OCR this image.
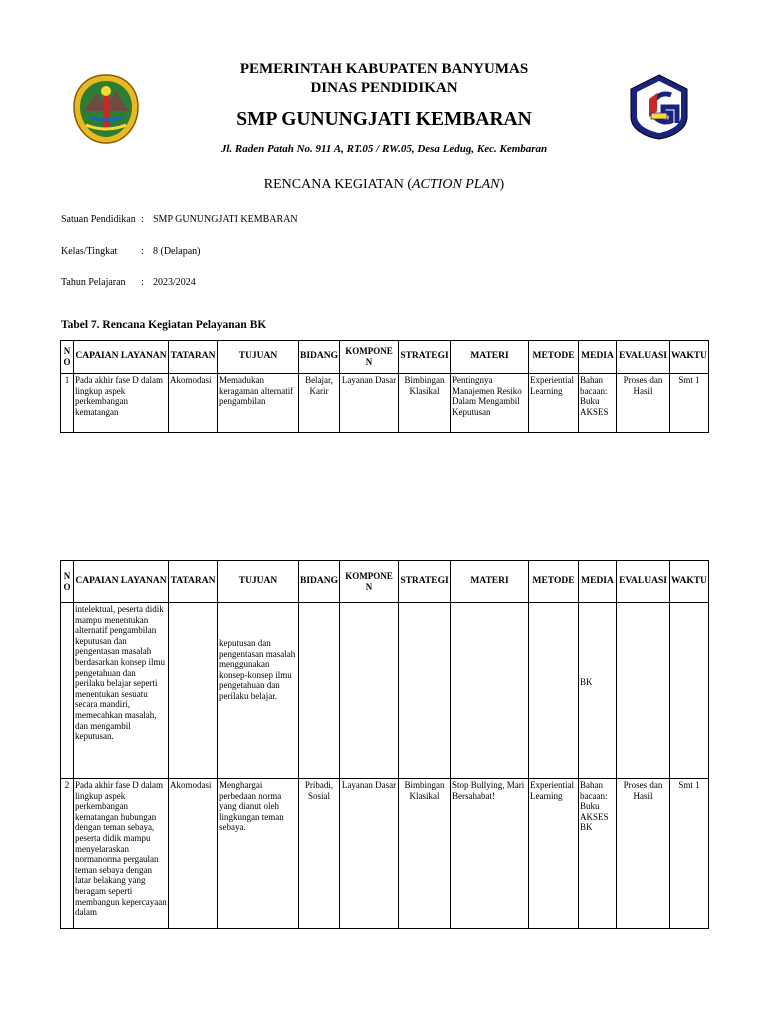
PEMERINTAH KABUPATEN BANYUMAS
DINAS PENDIDIKAN
SMP GUNUNGJATI KEMBARAN
Jl. Raden Patah No. 911 A, RT.05 / RW.05, Desa Ledug, Kec. Kembaran
RENCANA KEGIATAN (ACTION PLAN)
Satuan Pendidikan : SMP GUNUNGJATI KEMBARAN
Kelas/Tingkat : 8 (Delapan)
Tahun Pelajaran : 2023/2024
Tabel 7. Rencana Kegiatan Pelayanan BK
N O	CAPAIAN LAYANAN	TATARAN	TUJUAN	BIDANG	KOMPONE N	STRATEGI	MATERI	METODE	MEDIA	EVALUASI	WAKTU
1	Pada akhir fase D dalam lingkup aspek perkembangan kematangan	Akomodasi	Memadukan keragaman alternatif pengambilan	Belajar, Karir	Layanan Dasar	Bimbingan Klasikal	Pentingnya Manajemen Resiko Dalam Mengambil Keputusan	Experiential Learning	Bahan bacaan: Buku AKSES	Proses dan Hasil	Smt 1
N O	CAPAIAN LAYANAN	TATARAN	TUJUAN	BIDANG	KOMPONE N	STRATEGI	MATERI	METODE	MEDIA	EVALUASI	WAKTU
	intelektual, peserta didik mampu menentukan alternatif pengambilan keputusan dan pengentasan masalah berdasarkan konsep ilmu pengetahuan dan perilaku belajar seperti menentukan sesuatu secara mandiri, memecahkan masalah, dan mengambil keputusan.		keputusan dan pengentasan masalah menggunakan konsep-konsep ilmu pengetahuan dan perilaku belajar.						BK		
2	Pada akhir fase D dalam lingkup aspek perkembangan kematangan hubungan dengan teman sebaya, peserta didik mampu menyelaraskan normanorma pergaulan teman sebaya dengan latar belakang yang beragam seperti membangun kepercayaan dalam	Akomodasi	Menghargai perbedaan norma yang dianut oleh lingkungan teman sebaya.	Pribadi, Sosial	Layanan Dasar	Bimbingan Klasikal	Stop Bullying, Mari Bersahabat!	Experiential Learning	Bahan bacaan: Buku AKSES BK	Proses dan Hasil	Smt 1
